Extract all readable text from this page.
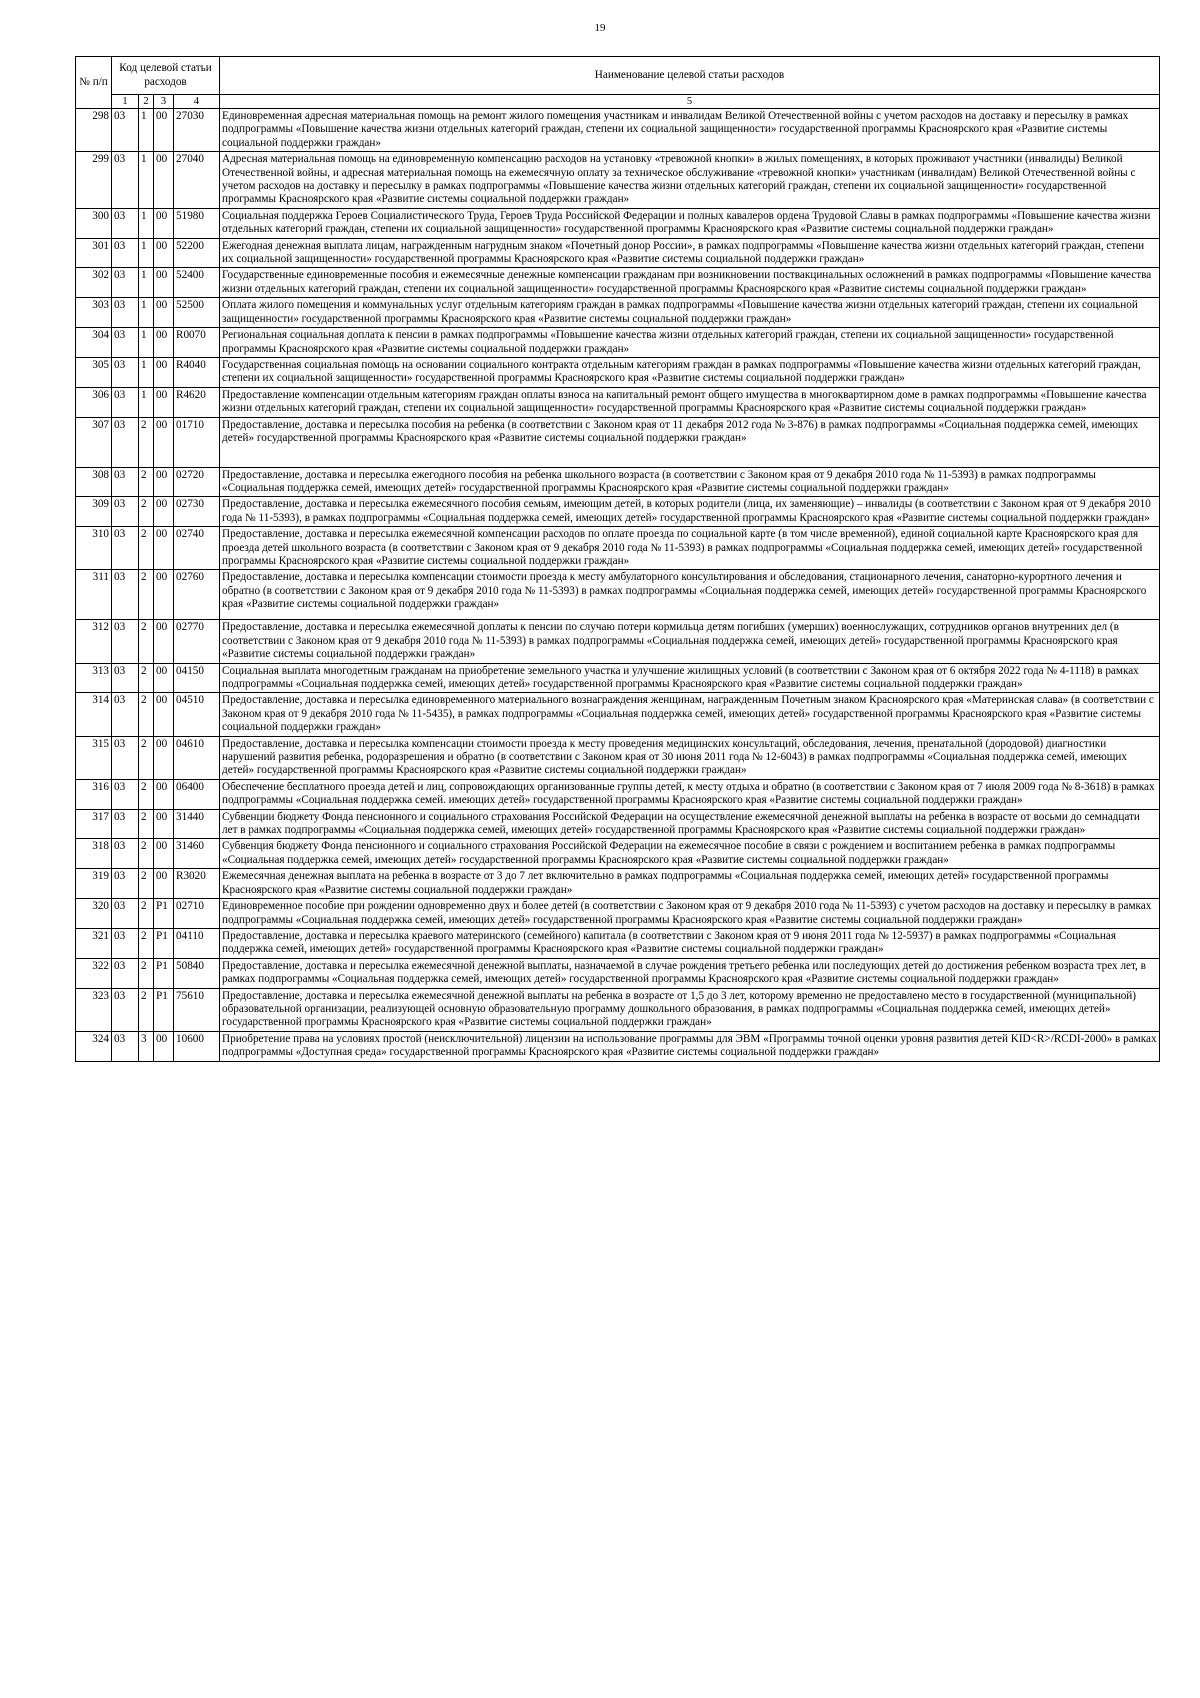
19
№ п/п	Код целевой статьи расходов				Наименование целевой статьи расходов
	1	2	3	4	5
298	03	1	00	27030	Единовременная адресная материальная помощь на ремонт жилого помещения участникам и инвалидам Великой Отечественной войны с учетом расходов на доставку и пересылку в рамках подпрограммы «Повышение качества жизни отдельных категорий граждан, степени их социальной защищенности» государственной программы Красноярского края «Развитие системы социальной поддержки граждан»
299	03	1	00	27040	Адресная материальная помощь на единовременную компенсацию расходов на установку «тревожной кнопки» в жилых помещениях, в которых проживают участники (инвалиды) Великой Отечественной войны, и адресная материальная помощь на ежемесячную оплату за техническое обслуживание «тревожной кнопки» участникам (инвалидам) Великой Отечественной войны с учетом расходов на доставку и пересылку в рамках подпрограммы «Повышение качества жизни отдельных категорий граждан, степени их социальной защищенности» государственной программы Красноярского края «Развитие системы социальной поддержки граждан»
300	03	1	00	51980	Социальная поддержка Героев Социалистического Труда, Героев Труда Российской Федерации и полных кавалеров ордена Трудовой Славы в рамках подпрограммы «Повышение качества жизни отдельных категорий граждан, степени их социальной защищенности» государственной программы Красноярского края «Развитие системы социальной поддержки граждан»
301	03	1	00	52200	Ежегодная денежная выплата лицам, награжденным нагрудным знаком «Почетный донор России», в рамках подпрограммы «Повышение качества жизни отдельных категорий граждан, степени их социальной защищенности» государственной программы Красноярского края «Развитие системы социальной поддержки граждан»
302	03	1	00	52400	Государственные единовременные пособия и ежемесячные денежные компенсации гражданам при возникновении поствакцинальных осложнений в рамках подпрограммы «Повышение качества жизни отдельных категорий граждан, степени их социальной защищенности» государственной программы Красноярского края «Развитие системы социальной поддержки граждан»
303	03	1	00	52500	Оплата жилого помещения и коммунальных услуг отдельным категориям граждан в рамках подпрограммы «Повышение качества жизни отдельных категорий граждан, степени их социальной защищенности» государственной программы Красноярского края «Развитие системы социальной поддержки граждан»
304	03	1	00	R0070	Региональная социальная доплата к пенсии в рамках подпрограммы «Повышение качества жизни отдельных категорий граждан, степени их социальной защищенности» государственной программы Красноярского края «Развитие системы социальной поддержки граждан»
305	03	1	00	R4040	Государственная социальная помощь на основании социального контракта отдельным категориям граждан в рамках подпрограммы «Повышение качества жизни отдельных категорий граждан, степени их социальной защищенности» государственной программы Красноярского края «Развитие системы социальной поддержки граждан»
306	03	1	00	R4620	Предоставление компенсации отдельным категориям граждан оплаты взноса на капитальный ремонт общего имущества в многоквартирном доме в рамках подпрограммы «Повышение качества жизни отдельных категорий граждан, степени их социальной защищенности» государственной программы Красноярского края «Развитие системы социальной поддержки граждан»
307	03	2	00	01710	Предоставление, доставка и пересылка пособия на ребенка (в соответствии с Законом края от 11 декабря 2012 года № 3-876) в рамках подпрограммы «Социальная поддержка семей, имеющих детей» государственной программы Красноярского края «Развитие системы социальной поддержки граждан»
308	03	2	00	02720	Предоставление, доставка и пересылка ежегодного пособия на ребенка школьного возраста (в соответствии с Законом края от 9 декабря 2010 года № 11-5393) в рамках подпрограммы «Социальная поддержка семей, имеющих детей» государственной программы Красноярского края «Развитие системы социальной поддержки граждан»
309	03	2	00	02730	Предоставление, доставка и пересылка ежемесячного пособия семьям, имеющим детей, в которых родители (лица, их заменяющие) – инвалиды (в соответствии с Законом края от 9 декабря 2010 года № 11-5393), в рамках подпрограммы «Социальная поддержка семей, имеющих детей» государственной программы Красноярского края «Развитие системы социальной поддержки граждан»
310	03	2	00	02740	Предоставление, доставка и пересылка ежемесячной компенсации расходов по оплате проезда по социальной карте (в том числе временной), единой социальной карте Красноярского края для проезда детей школьного возраста (в соответствии с Законом края от 9 декабря 2010 года № 11-5393) в рамках подпрограммы «Социальная поддержка семей, имеющих детей» государственной программы Красноярского края «Развитие системы социальной поддержки граждан»
311	03	2	00	02760	Предоставление, доставка и пересылка компенсации стоимости проезда к месту амбулаторного консультирования и обследования, стационарного лечения, санаторно-курортного лечения и обратно (в соответствии с Законом края от 9 декабря 2010 года № 11-5393) в рамках подпрограммы «Социальная поддержка семей, имеющих детей» государственной программы Красноярского края «Развитие системы социальной поддержки граждан»
312	03	2	00	02770	Предоставление, доставка и пересылка ежемесячной доплаты к пенсии по случаю потери кормильца детям погибших (умерших) военнослужащих, сотрудников органов внутренних дел (в соответствии с Законом края от 9 декабря 2010 года № 11-5393) в рамках подпрограммы «Социальная поддержка семей, имеющих детей» государственной программы Красноярского края «Развитие системы социальной поддержки граждан»
313	03	2	00	04150	Социальная выплата многодетным гражданам на приобретение земельного участка и улучшение жилищных условий (в соответствии с Законом края от 6 октября 2022 года № 4-1118) в рамках подпрограммы «Социальная поддержка семей, имеющих детей» государственной программы Красноярского края «Развитие системы социальной поддержки граждан»
314	03	2	00	04510	Предоставление, доставка и пересылка единовременного материального вознаграждения женщинам, награжденным Почетным знаком Красноярского края «Материнская слава» (в соответствии с Законом края от 9 декабря 2010 года № 11-5435), в рамках подпрограммы «Социальная поддержка семей, имеющих детей» государственной программы Красноярского края «Развитие системы социальной поддержки граждан»
315	03	2	00	04610	Предоставление, доставка и пересылка компенсации стоимости проезда к месту проведения медицинских консультаций, обследования, лечения, пренатальной (дородовой) диагностики нарушений развития ребенка, родоразрешения и обратно (в соответствии с Законом края от 30 июня 2011 года № 12-6043) в рамках подпрограммы «Социальная поддержка семей, имеющих детей» государственной программы Красноярского края «Развитие системы социальной поддержки граждан»
316	03	2	00	06400	Обеспечение бесплатного проезда детей и лиц, сопровождающих организованные группы детей, к месту отдыха и обратно (в соответствии с Законом края от 7 июля 2009 года № 8-3618) в рамках подпрограммы «Социальная поддержка семей. имеющих детей» государственной программы Красноярского края «Развитие системы социальной поддержки граждан»
317	03	2	00	31440	Субвенции бюджету Фонда пенсионного и социального страхования Российской Федерации на осуществление ежемесячной денежной выплаты на ребенка в возрасте от восьми до семнадцати лет в рамках подпрограммы «Социальная поддержка семей, имеющих детей» государственной программы Красноярского края «Развитие системы социальной поддержки граждан»
318	03	2	00	31460	Субвенция бюджету Фонда пенсионного и социального страхования Российской Федерации на ежемесячное пособие в связи с рождением и воспитанием ребенка в рамках подпрограммы «Социальная поддержка семей, имеющих детей» государственной программы Красноярского края «Развитие системы социальной поддержки граждан»
319	03	2	00	R3020	Ежемесячная денежная выплата на ребенка в возрасте от 3 до 7 лет включительно в рамках подпрограммы «Социальная поддержка семей, имеющих детей» государственной программы Красноярского края «Развитие системы социальной поддержки граждан»
320	03	2	P1	02710	Единовременное пособие при рождении одновременно двух и более детей (в соответствии с Законом края от 9 декабря 2010 года № 11-5393) с учетом расходов на доставку и пересылку в рамках подпрограммы «Социальная поддержка семей, имеющих детей» государственной программы Красноярского края «Развитие системы социальной поддержки граждан»
321	03	2	P1	04110	Предоставление, доставка и пересылка краевого материнского (семейного) капитала (в соответствии с Законом края от 9 июня 2011 года № 12-5937) в рамках подпрограммы «Социальная поддержка семей, имеющих детей» государственной программы Красноярского края «Развитие системы социальной поддержки граждан»
322	03	2	P1	50840	Предоставление, доставка и пересылка ежемесячной денежной выплаты, назначаемой в случае рождения третьего ребенка или последующих детей до достижения ребенком возраста трех лет, в рамках подпрограммы «Социальная поддержка семей, имеющих детей» государственной программы Красноярского края «Развитие системы социальной поддержки граждан»
323	03	2	P1	75610	Предоставление, доставка и пересылка ежемесячной денежной выплаты на ребенка в возрасте от 1,5 до 3 лет, которому временно не предоставлено место в государственной (муниципальной) образовательной организации, реализующей основную образовательную программу дошкольного образования, в рамках подпрограммы «Социальная поддержка семей, имеющих детей» государственной программы Красноярского края «Развитие системы социальной поддержки граждан»
324	03	3	00	10600	Приобретение права на условиях простой (неисключительной) лицензии на использование программы для ЭВМ «Программы точной оценки уровня развития детей KID<R>/RCDI-2000» в рамках подпрограммы «Доступная среда» государственной программы Красноярского края «Развитие системы социальной поддержки граждан»
